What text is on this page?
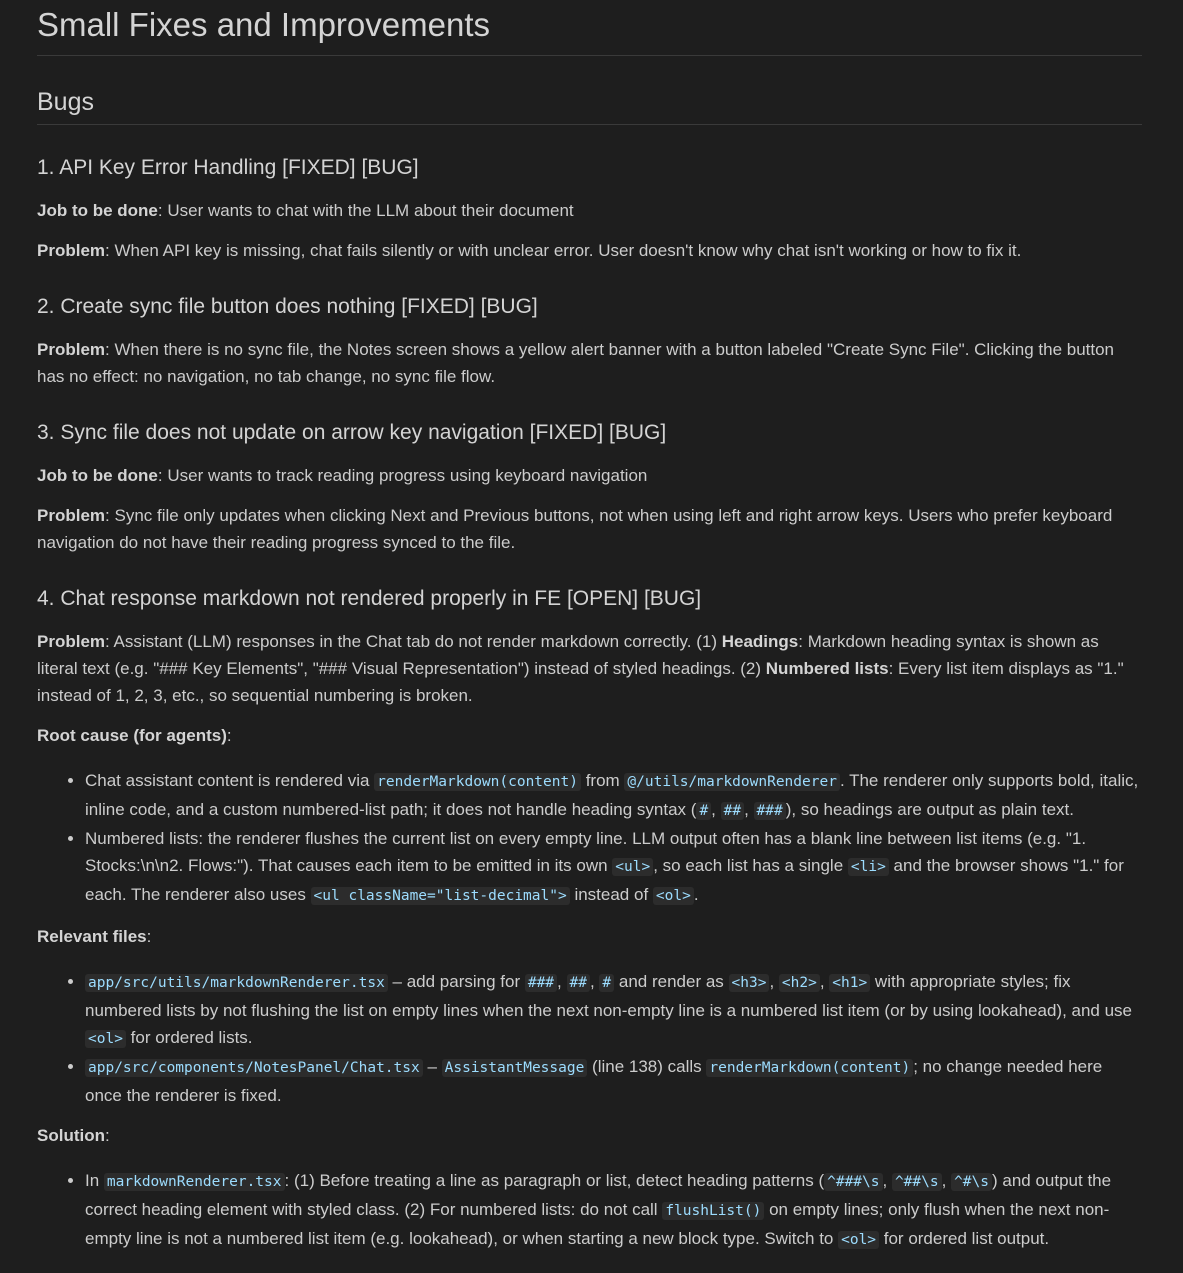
Small Fixes and Improvements
Bugs
1. API Key Error Handling [FIXED] [BUG]

Job to be done: User wants to chat with the LLM about their document

Problem: When API key is missing, chat fails silently or with unclear error. User doesn't know why chat isn't working or how to fix it.

2. Create sync file button does nothing [FIXED] [BUG]

Problem: When there is no sync file, the Notes screen shows a yellow alert banner with a button labeled "Create Sync File". Clicking the button has no effect: no navigation, no tab change, no sync file flow.

3. Sync file does not update on arrow key navigation [FIXED] [BUG]

Job to be done: User wants to track reading progress using keyboard navigation

Problem: Sync file only updates when clicking Next and Previous buttons, not when using left and right arrow keys. Users who prefer keyboard navigation do not have their reading progress synced to the file.

4. Chat response markdown not rendered properly in FE [OPEN] [BUG]

Problem: Assistant (LLM) responses in the Chat tab do not render markdown correctly. (1) Headings: Markdown heading syntax is shown as literal text (e.g. "### Key Elements", "### Visual Representation") instead of styled headings. (2) Numbered lists: Every list item displays as "1." instead of 1, 2, 3, etc., so sequential numbering is broken.

Root cause (for agents):

• Chat assistant content is rendered via renderMarkdown(content) from @/utils/markdownRenderer . The renderer only supports bold, italic, inline code, and a custom numbered-list path; it does not handle heading syntax ( # , ## , ### ), so headings are output as plain text.
• Numbered lists: the renderer flushes the current list on every empty line. LLM output often has a blank line between list items (e.g. "1. Stocks:\n\n2. Flows:"). That causes each item to be emitted in its own <ul> , so each list has a single <li> and the browser shows "1." for each. The renderer also uses <ul className="list-decimal"> instead of <ol> .

Relevant files:

• app/src/utils/markdownRenderer.tsx – add parsing for ### , ## , # and render as <h3> , <h2> , <h1> with appropriate styles; fix numbered lists by not flushing the list on empty lines when the next non-empty line is a numbered list item (or by using lookahead), and use <ol> for ordered lists.
• app/src/components/NotesPanel/Chat.tsx – AssistantMessage (line 138) calls renderMarkdown(content) ; no change needed here once the renderer is fixed.

Solution:

• In markdownRenderer.tsx : (1) Before treating a line as paragraph or list, detect heading patterns ( ^###\s , ^##\s , ^#\s ) and output the correct heading element with styled class. (2) For numbered lists: do not call flushList() on empty lines; only flush when the next non-empty line is not a numbered list item (e.g. lookahead), or when starting a new block type. Switch to <ol> for ordered list output.
